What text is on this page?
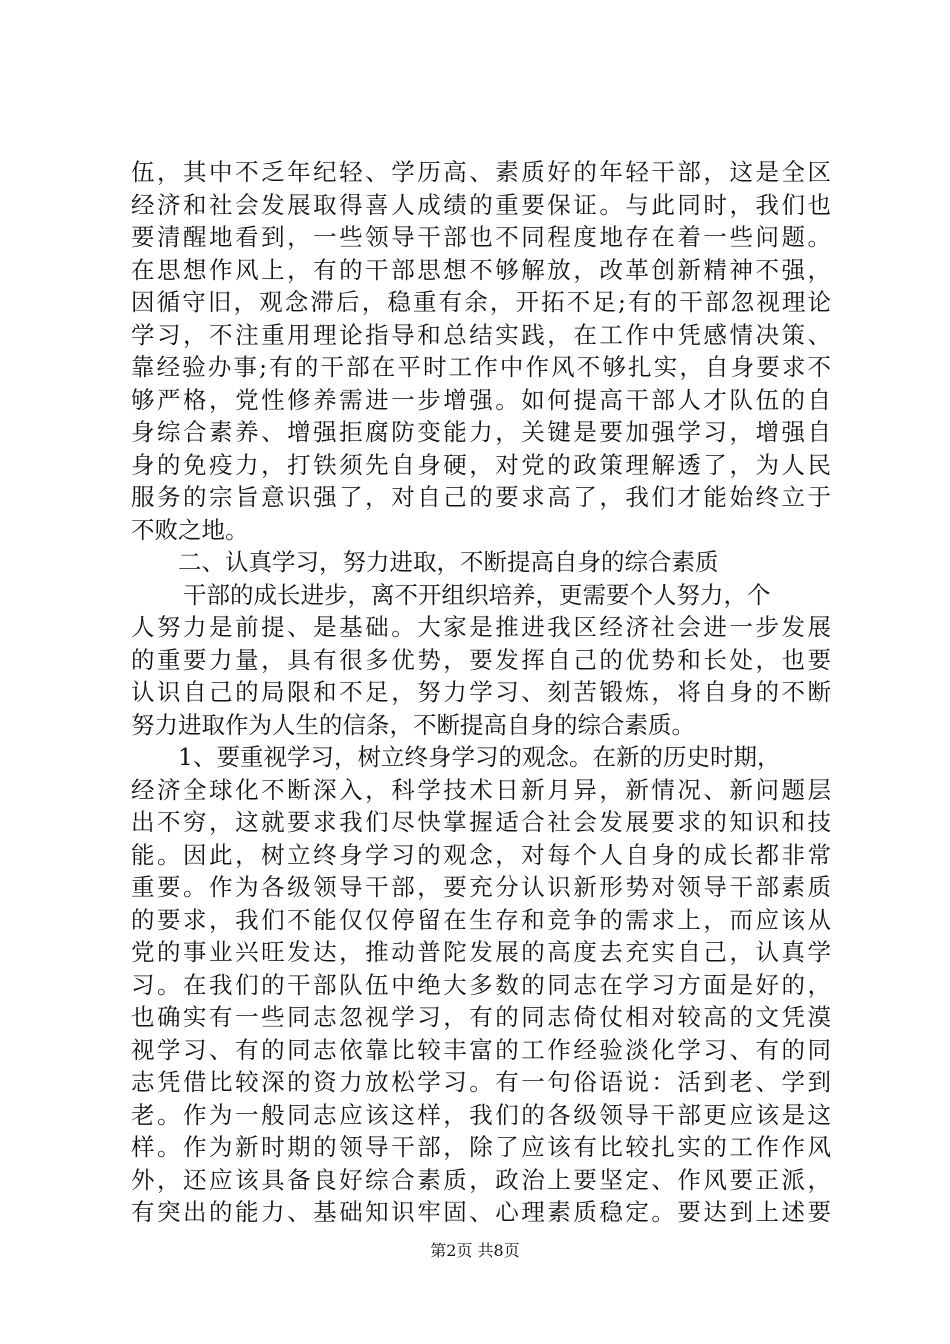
伍，其中不乏年纪轻、学历高、素质好的年轻干部，这是全区
经济和社会发展取得喜人成绩的重要保证。与此同时，我们也
要清醒地看到，一些领导干部也不同程度地存在着一些问题。
在思想作风上，有的干部思想不够解放，改革创新精神不强，
因循守旧，观念滞后，稳重有余，开拓不足;有的干部忽视理论
学习，不注重用理论指导和总结实践，在工作中凭感情决策、
靠经验办事;有的干部在平时工作中作风不够扎实，自身要求不
够严格，党性修养需进一步增强。如何提高干部人才队伍的自
身综合素养、增强拒腐防变能力，关键是要加强学习，增强自
身的免疫力，打铁须先自身硬，对党的政策理解透了，为人民
服务的宗旨意识强了，对自己的要求高了，我们才能始终立于
不败之地。
二、认真学习，努力进取，不断提高自身的综合素质
干部的成长进步，离不开组织培养，更需要个人努力，个
人努力是前提、是基础。大家是推进我区经济社会进一步发展
的重要力量，具有很多优势，要发挥自己的优势和长处，也要
认识自己的局限和不足，努力学习、刻苦锻炼，将自身的不断
努力进取作为人生的信条，不断提高自身的综合素质。
1、要重视学习，树立终身学习的观念。在新的历史时期，
经济全球化不断深入，科学技术日新月异，新情况、新问题层
出不穷，这就要求我们尽快掌握适合社会发展要求的知识和技
能。因此，树立终身学习的观念，对每个人自身的成长都非常
重要。作为各级领导干部，要充分认识新形势对领导干部素质
的要求，我们不能仅仅停留在生存和竞争的需求上，而应该从
党的事业兴旺发达，推动普陀发展的高度去充实自己，认真学
习。在我们的干部队伍中绝大多数的同志在学习方面是好的，
也确实有一些同志忽视学习，有的同志倚仗相对较高的文凭漠
视学习、有的同志依靠比较丰富的工作经验淡化学习、有的同
志凭借比较深的资力放松学习。有一句俗语说：活到老、学到
老。作为一般同志应该这样，我们的各级领导干部更应该是这
样。作为新时期的领导干部，除了应该有比较扎实的工作作风
外，还应该具备良好综合素质，政治上要坚定、作风要正派，
有突出的能力、基础知识牢固、心理素质稳定。要达到上述要
第2页 共8页
